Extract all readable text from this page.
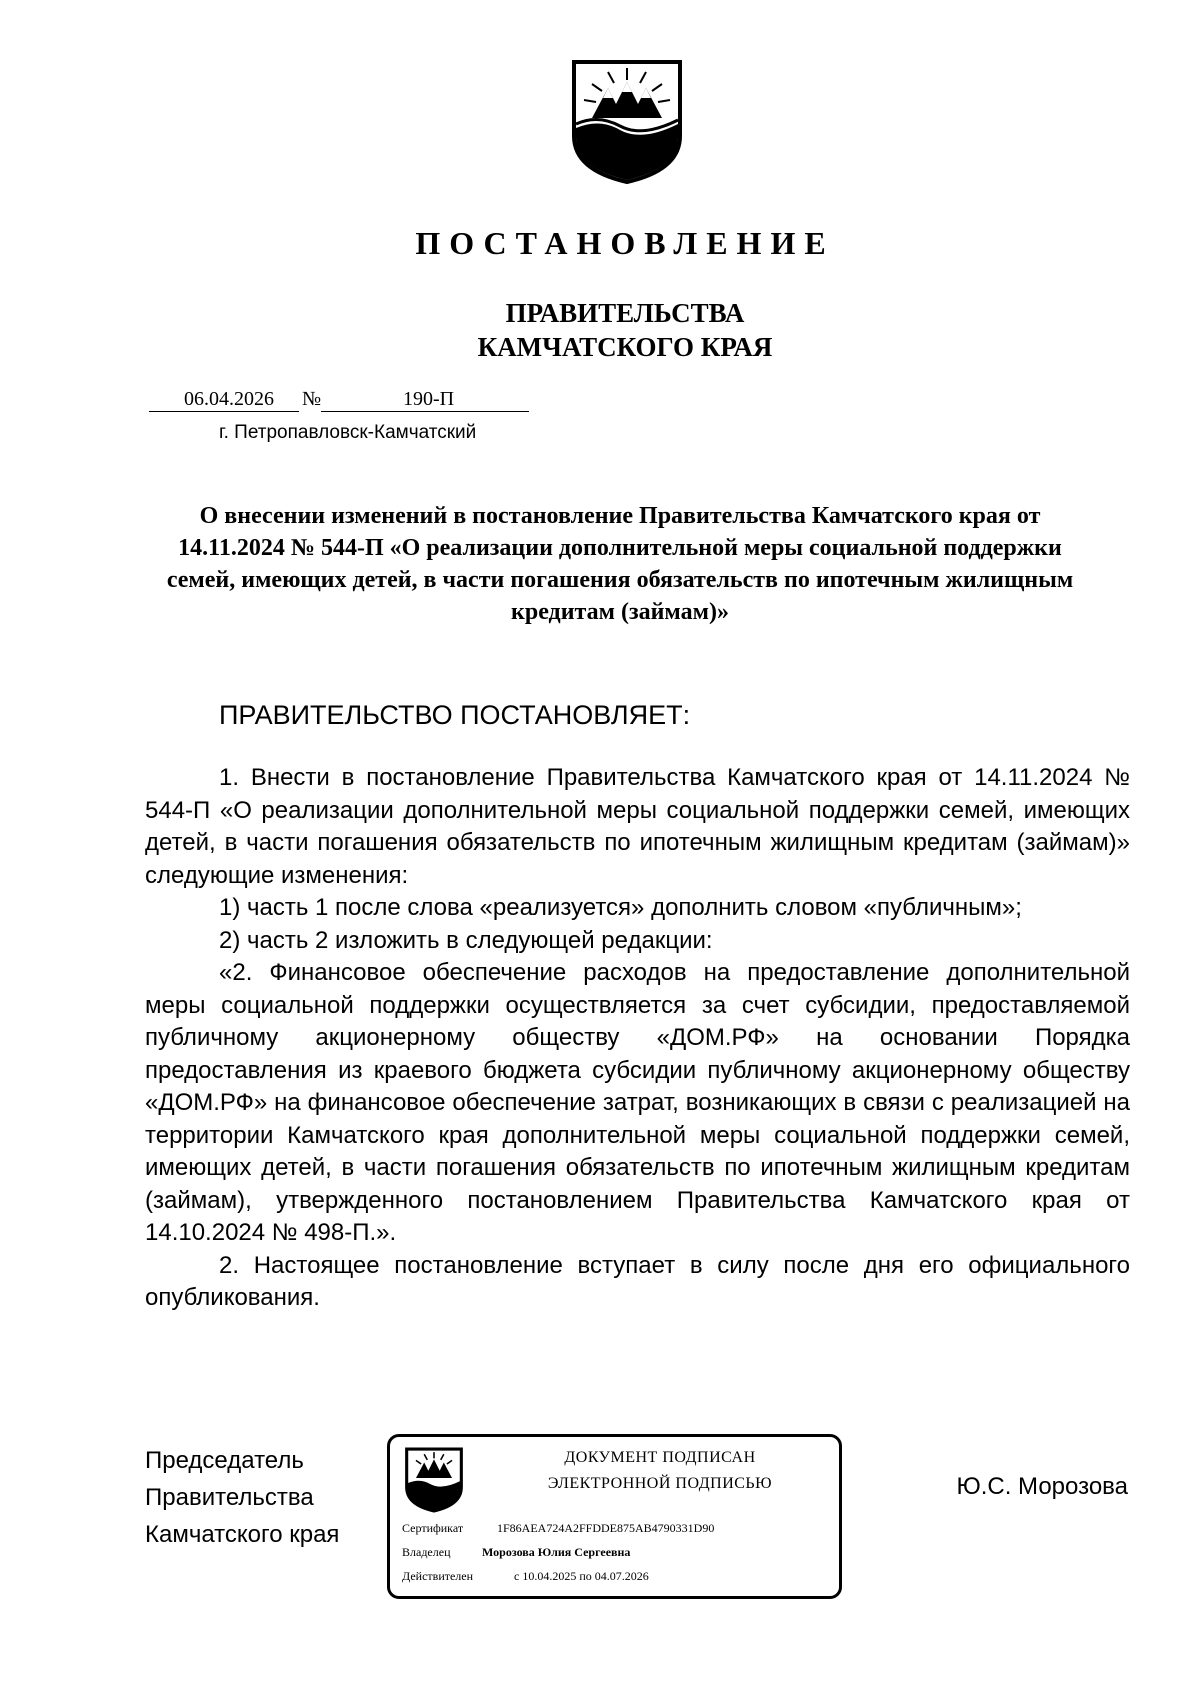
ПОСТАНОВЛЕНИЕ
ПРАВИТЕЛЬСТВА
КАМЧАТСКОГО КРАЯ
06.04.2026 №	190-П
г. Петропавловск-Камчатский
О внесении изменений в постановление Правительства Камчатского края от 14.11.2024 № 544-П «О реализации дополнительной меры социальной поддержки семей, имеющих детей, в части погашения обязательств по ипотечным жилищным кредитам (займам)»
ПРАВИТЕЛЬСТВО ПОСТАНОВЛЯЕТ:

1. Внести в постановление Правительства Камчатского края от 14.11.2024 № 544-П «О реализации дополнительной меры социальной поддержки семей, имеющих детей, в части погашения обязательств по ипотечным жилищным кредитам (займам)» следующие изменения:

1) часть 1 после слова «реализуется» дополнить словом «публичным»;

2) часть 2 изложить в следующей редакции:

«2. Финансовое обеспечение расходов на предоставление дополнительной меры социальной поддержки осуществляется за счет субсидии, предоставляемой публичному акционерному обществу «ДОМ.РФ» на основании Порядка предоставления из краевого бюджета субсидии публичному акционерному обществу «ДОМ.РФ» на финансовое обеспечение затрат, возникающих в связи с реализацией на территории Камчатского края дополнительной меры социальной поддержки семей, имеющих детей, в части погашения обязательств по ипотечным жилищным кредитам (займам), утвержденного постановлением Правительства Камчатского края от 14.10.2024 № 498-П.».

2. Настоящее постановление вступает в силу после дня его официального опубликования.

Председатель
Правительства
Камчатского края
ДОКУМЕНТ ПОДПИСАН
ЭЛЕКТРОННОЙ ПОДПИСЬЮ
Сертификат	1F86AEA724A2FFDDE875AB4790331D90
Владелец	Морозова Юлия Сергеевна
Действителен	с 10.04.2025 по 04.07.2026
Ю.С. Морозова
